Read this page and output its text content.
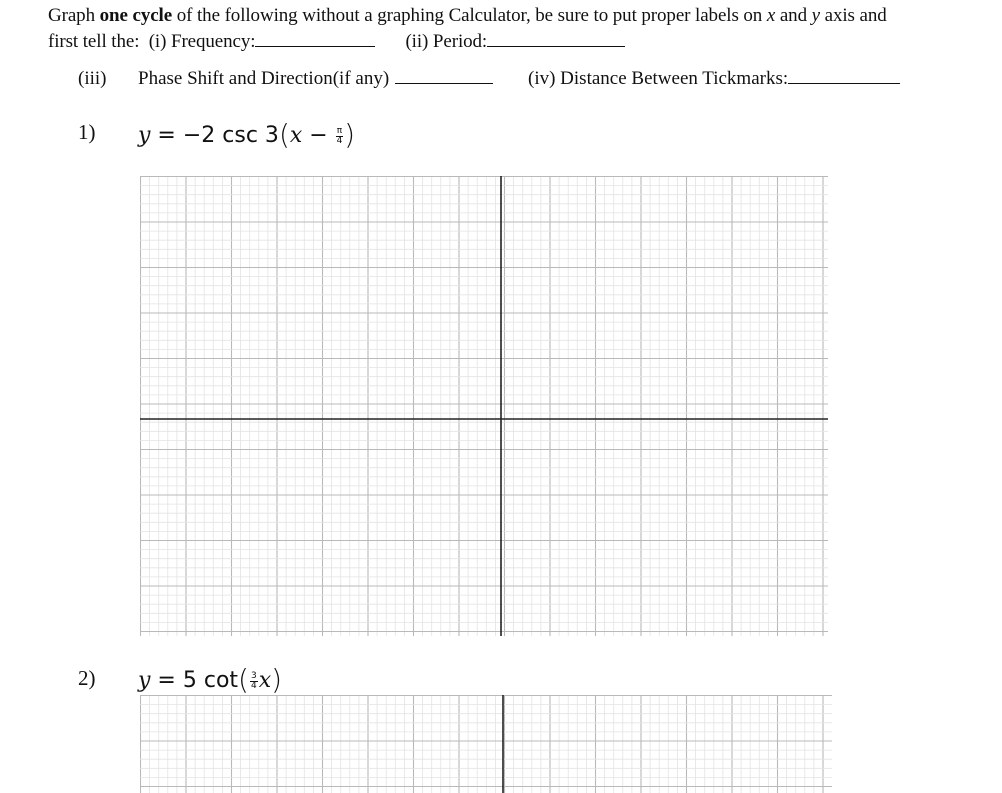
Graph one cycle of the following without a graphing Calculator, be sure to put proper labels on x and y axis and
first tell the: (i) Frequency:	(ii) Period:
(iii) Phase Shift and Direction(if any)	(iv) Distance Between Tickmarks:
1) y = −2 $\csc 3(x - \frac{\pi}{4}$ )
2) y = 5 $\cot( \frac{3}{4} x)$
